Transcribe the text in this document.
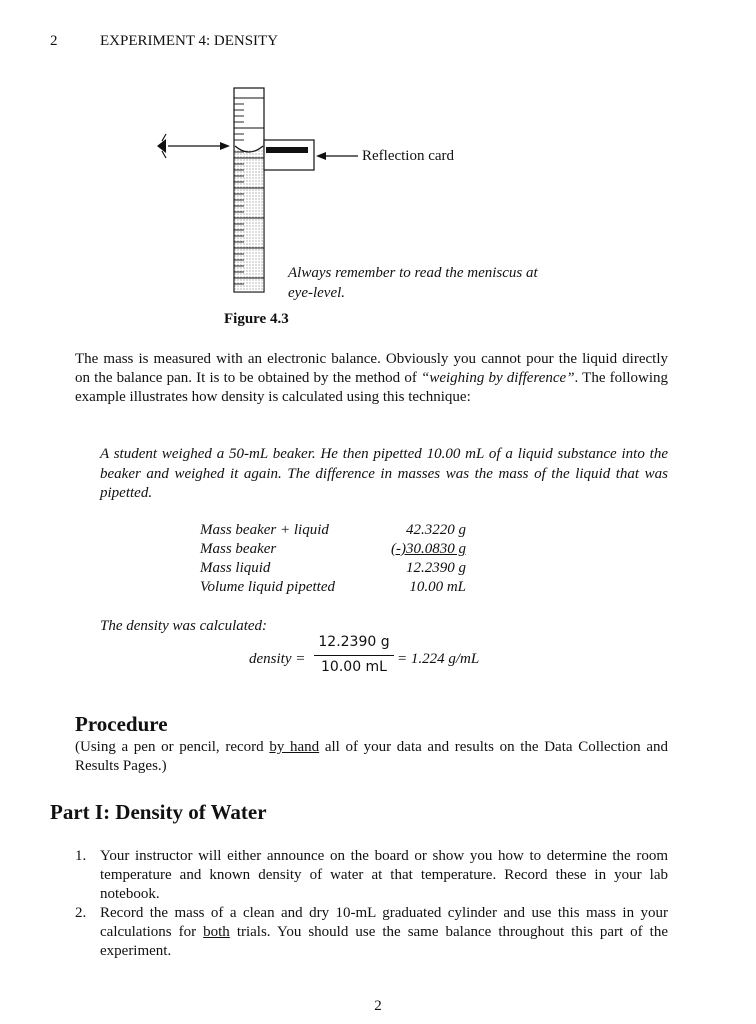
2	EXPERIMENT 4: DENSITY
Reflection card
Always remember to read the meniscus at eye-level.
Figure 4.3
The mass is measured with an electronic balance. Obviously you cannot pour the liquid directly on the balance pan. It is to be obtained by the method of “weighing by difference”. The following example illustrates how density is calculated using this technique:
A student weighed a 50-mL beaker. He then pipetted 10.00 mL of a liquid substance into the beaker and weighed it again. The difference in masses was the mass of the liquid that was pipetted.
Mass beaker + liquid	42.3220 g
Mass beaker	(-)30.0830 g
Mass liquid	12.2390 g
Volume liquid pipetted	10.00 mL
The density was calculated:
density =
12.2390 g
10.00 mL = 1.224 g/mL
Procedure
(Using a pen or pencil, record by hand all of your data and results on the Data Collection and Results Pages.)
Part I: Density of Water
1. Your instructor will either announce on the board or show you how to determine the room temperature and known density of water at that temperature. Record these in your lab notebook.
2. Record the mass of a clean and dry 10-mL graduated cylinder and use this mass in your calculations for both trials. You should use the same balance throughout this part of the experiment.
2
